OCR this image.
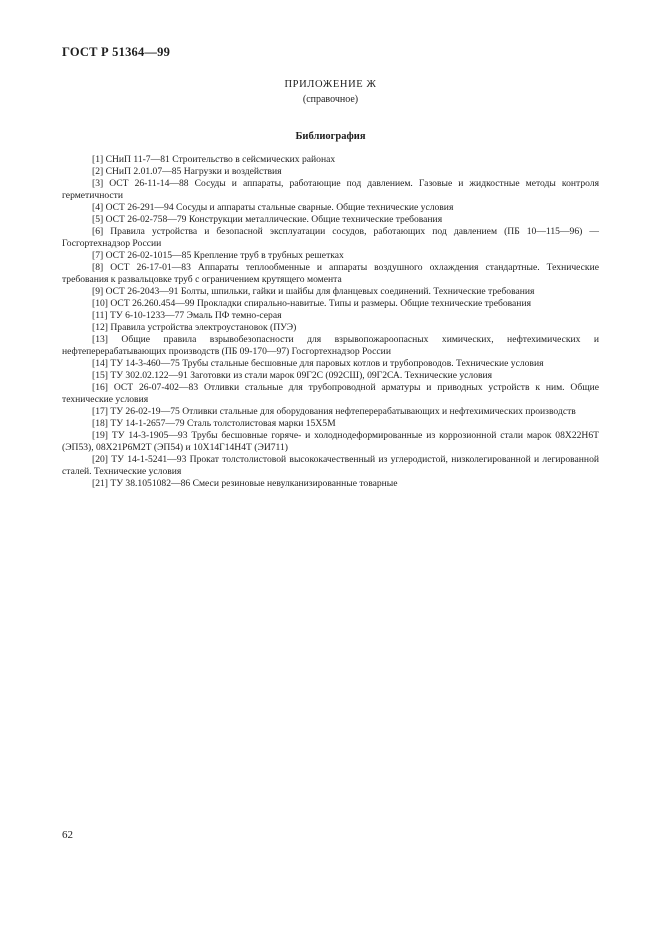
ГОСТ Р 51364—99
ПРИЛОЖЕНИЕ Ж
(справочное)
Библиография
[1] СНиП 11-7—81 Строительство в сейсмических районах
[2] СНиП 2.01.07—85 Нагрузки и воздействия
[3] ОСТ 26-11-14—88 Сосуды и аппараты, работающие под давлением. Газовые и жидкостные методы контроля герметичности
[4] ОСТ 26-291—94 Сосуды и аппараты стальные сварные. Общие технические условия
[5] ОСТ 26-02-758—79 Конструкции металлические. Общие технические требования
[6] Правила устройства и безопасной эксплуатации сосудов, работающих под давлением (ПБ 10—115—96) — Госгортехнадзор России
[7] ОСТ 26-02-1015—85 Крепление труб в трубных решетках
[8] ОСТ 26-17-01—83 Аппараты теплообменные и аппараты воздушного охлаждения стандартные. Технические требования к развальцовке труб с ограничением крутящего момента
[9] ОСТ 26-2043—91 Болты, шпильки, гайки и шайбы для фланцевых соединений. Технические требования
[10] ОСТ 26.260.454—99 Прокладки спирально-навитые. Типы и размеры. Общие технические требования
[11] ТУ 6-10-1233—77 Эмаль ПФ темно-серая
[12] Правила устройства электроустановок (ПУЭ)
[13] Общие правила взрывобезопасности для взрывопожароопасных химических, нефтехимических и нефтеперерабатывающих производств (ПБ 09-170—97) Госгортехнадзор России
[14] ТУ 14-3-460—75 Трубы стальные бесшовные для паровых котлов и трубопроводов. Технические условия
[15] ТУ 302.02.122—91 Заготовки из стали марок 09Г2С (092СШ), 09Г2СА. Технические условия
[16] ОСТ 26-07-402—83 Отливки стальные для трубопроводной арматуры и приводных устройств к ним. Общие технические условия
[17] ТУ 26-02-19—75 Отливки стальные для оборудования нефтеперерабатывающих и нефтехимических производств
[18] ТУ 14-1-2657—79 Сталь толстолистовая марки 15Х5М
[19] ТУ 14-3-1905—93 Трубы бесшовные горяче- и холоднодеформированные из коррозионной стали марок 08Х22Н6Т (ЭП53), 08Х21Р6М2Т (ЭП54) и 10Х14Г14Н4Т (ЭИ711)
[20] ТУ 14-1-5241—93 Прокат толстолистовой высококачественный из углеродистой, низколегированной и легированной сталей. Технические условия
[21] ТУ 38.1051082—86 Смеси резиновые невулканизированные товарные
62
